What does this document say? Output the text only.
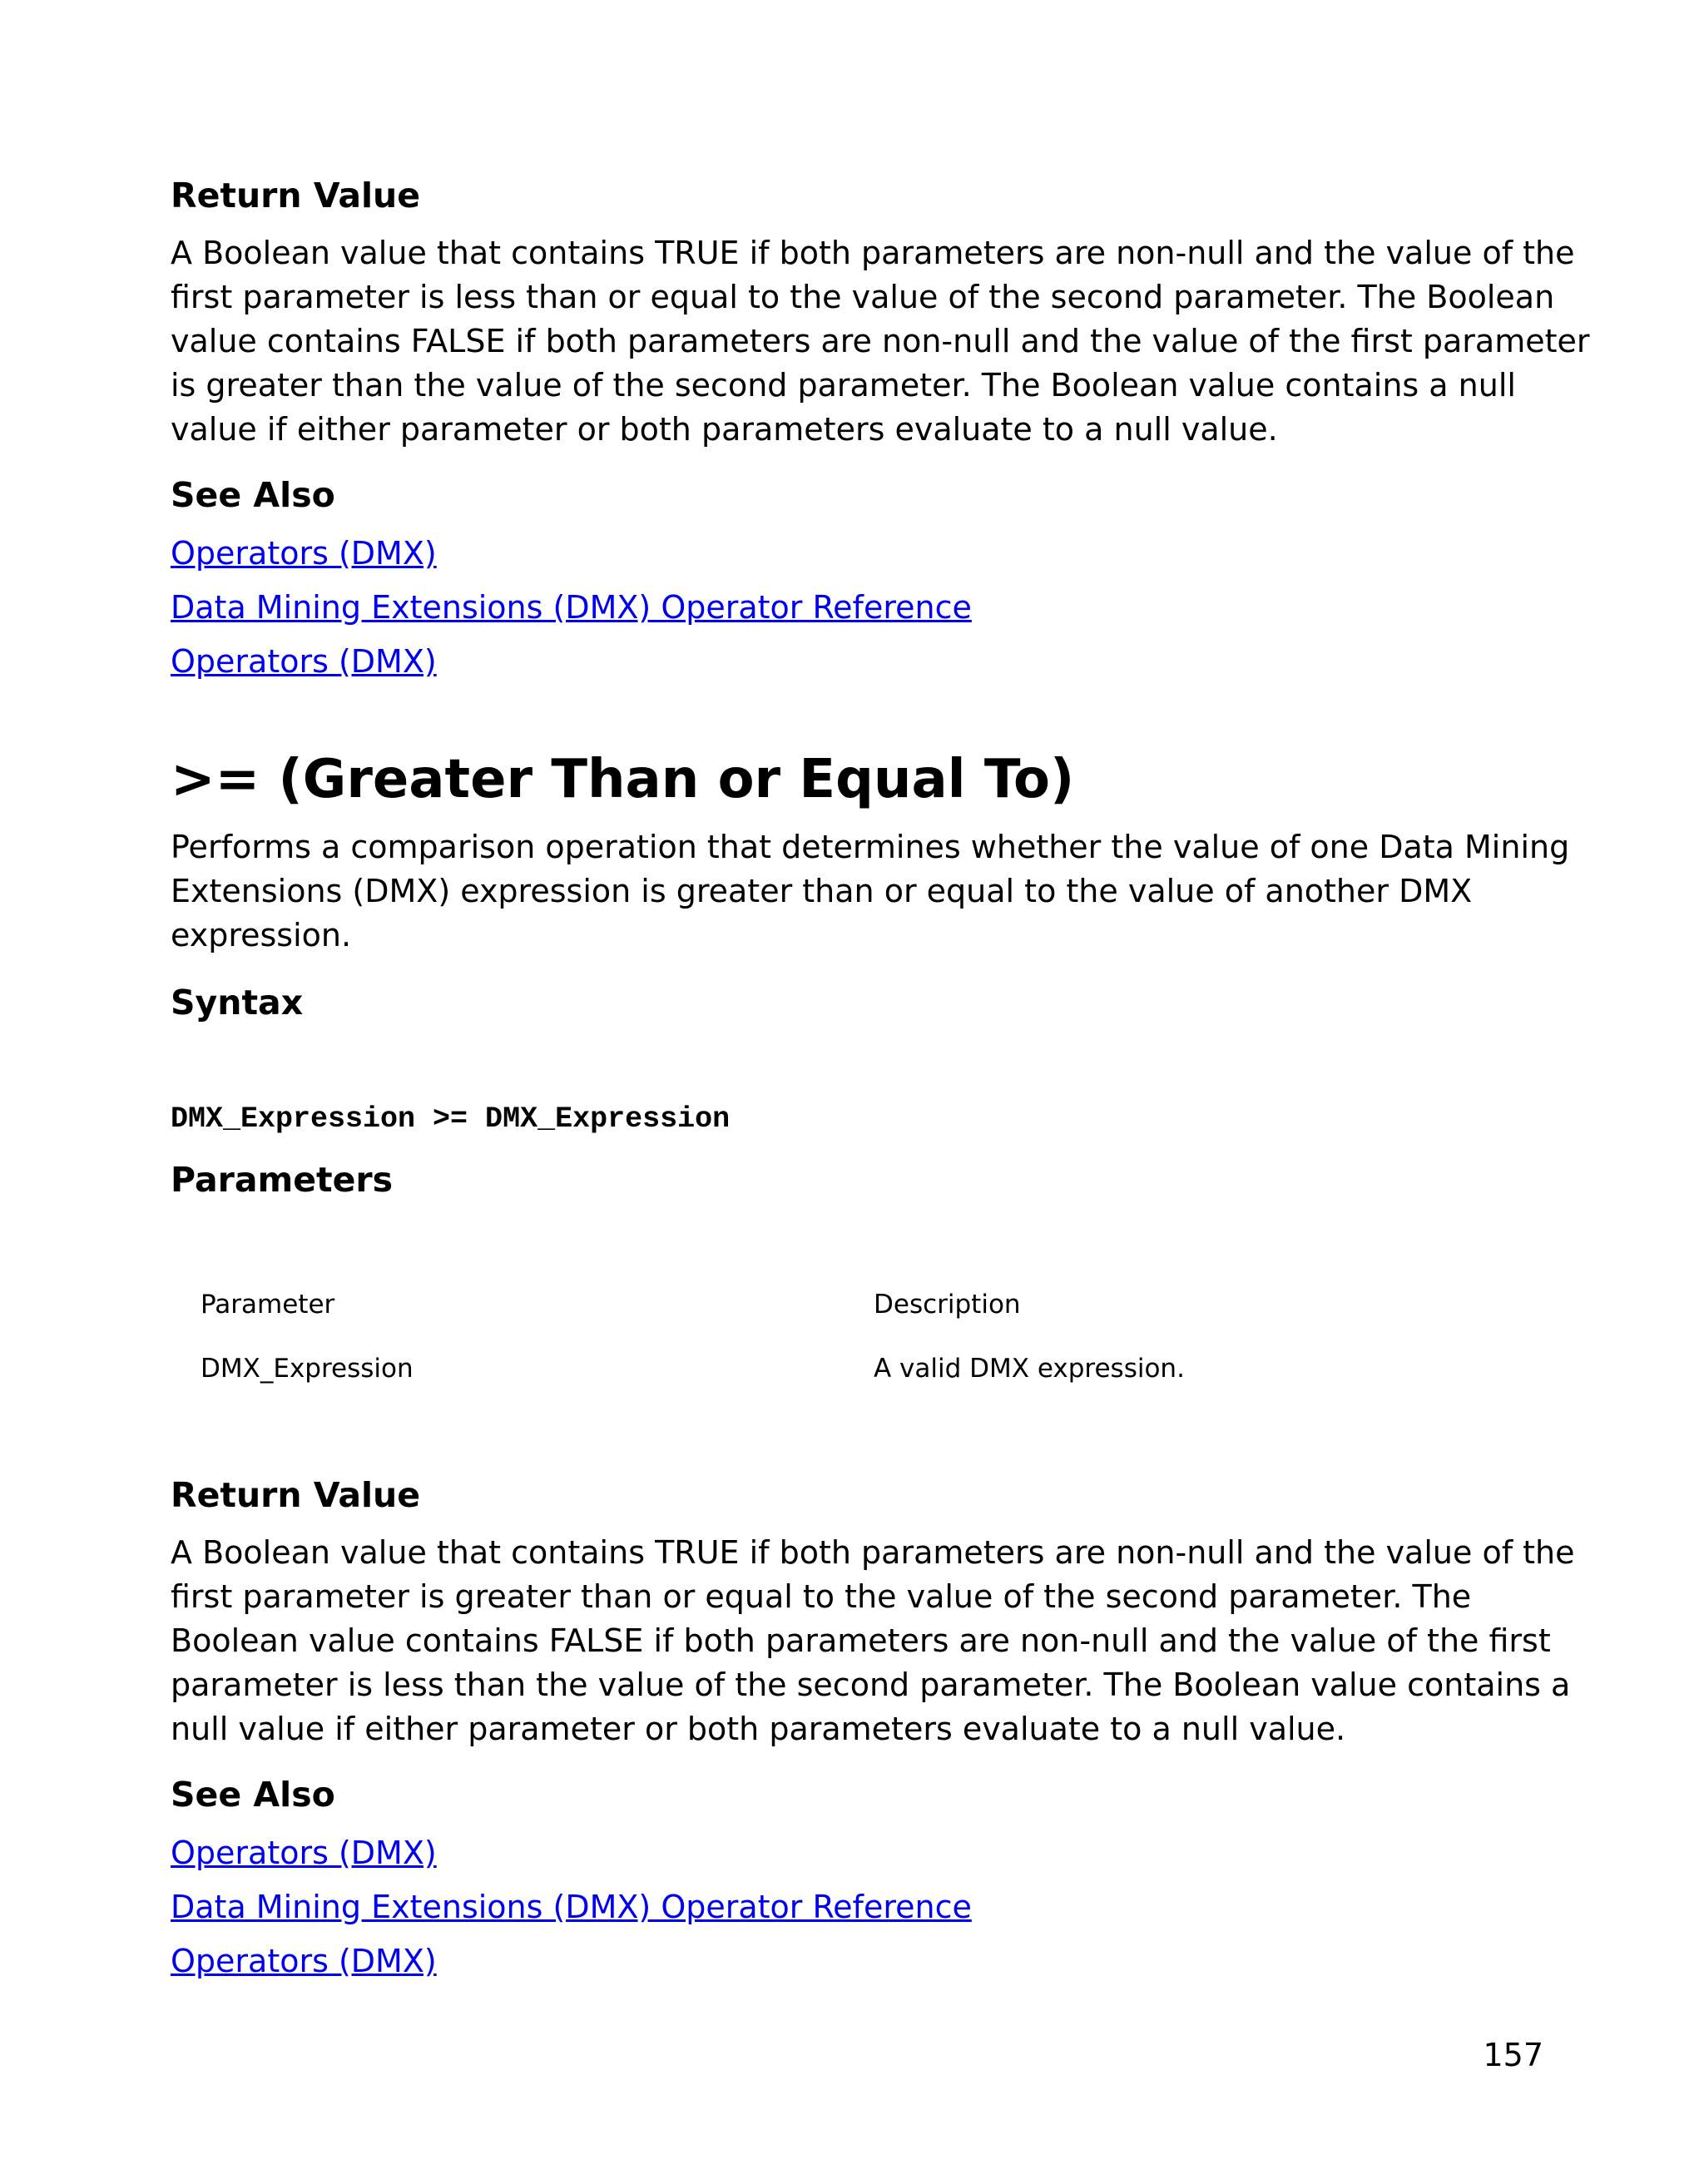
Return Value
A Boolean value that contains TRUE if both parameters are non-null and the value of the
first parameter is less than or equal to the value of the second parameter. The Boolean
value contains FALSE if both parameters are non-null and the value of the first parameter
is greater than the value of the second parameter. The Boolean value contains a null
value if either parameter or both parameters evaluate to a null value.
See Also
Operators (DMX)
Data Mining Extensions (DMX) Operator Reference
Operators (DMX)
>= (Greater Than or Equal To)
Performs a comparison operation that determines whether the value of one Data Mining
Extensions (DMX) expression is greater than or equal to the value of another DMX
expression.
Syntax
DMX_Expression >= DMX_Expression
Parameters
Parameter	Description
DMX_Expression	A valid DMX expression.
Return Value
A Boolean value that contains TRUE if both parameters are non-null and the value of the
first parameter is greater than or equal to the value of the second parameter. The
Boolean value contains FALSE if both parameters are non-null and the value of the first
parameter is less than the value of the second parameter. The Boolean value contains a
null value if either parameter or both parameters evaluate to a null value.
See Also
Operators (DMX)
Data Mining Extensions (DMX) Operator Reference
Operators (DMX)
157
